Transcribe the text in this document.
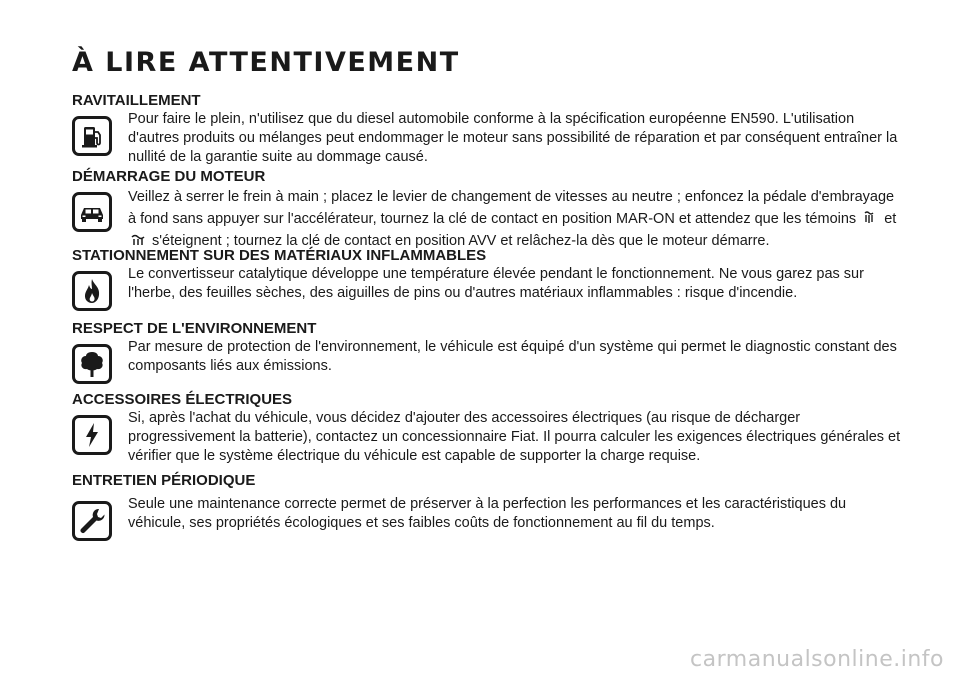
À LIRE ATTENTIVEMENT
RAVITAILLEMENT

Pour faire le plein, n'utilisez que du diesel automobile conforme à la spécification européenne EN590. L'utilisation d'autres produits ou mélanges peut endommager le moteur sans possibilité de réparation et par conséquent entraîner la nullité de la garantie suite au dommage causé.

DÉMARRAGE DU MOTEUR

Veillez à serrer le frein à main ; placez le levier de changement de vitesses au neutre ; enfoncez la pédale d'embrayage à fond sans appuyer sur l'accélérateur, tournez la clé de contact en position MAR-ON et attendez que les témoins et  s'éteignent ; tournez la clé de contact en position AVV et relâchez-la dès que le moteur démarre.

STATIONNEMENT SUR DES MATÉRIAUX INFLAMMABLES

Le convertisseur catalytique développe une température élevée pendant le fonctionnement. Ne vous garez pas sur l'herbe, des feuilles sèches, des aiguilles de pins ou d'autres matériaux inflammables : risque d'incendie.

RESPECT DE L'ENVIRONNEMENT

Par mesure de protection de l'environnement, le véhicule est équipé d'un système qui permet le diagnostic constant des composants liés aux émissions.

ACCESSOIRES ÉLECTRIQUES

Si, après l'achat du véhicule, vous décidez d'ajouter des accessoires électriques (au risque de décharger progressivement la batterie), contactez un concessionnaire Fiat. Il pourra calculer les exigences électriques générales et vérifier que le système électrique du véhicule est capable de supporter la charge requise.

ENTRETIEN PÉRIODIQUE

Seule une maintenance correcte permet de préserver à la perfection les performances et les caractéristiques du véhicule, ses propriétés écologiques et ses faibles coûts de fonctionnement au fil du temps.

carmanualsonline.info
